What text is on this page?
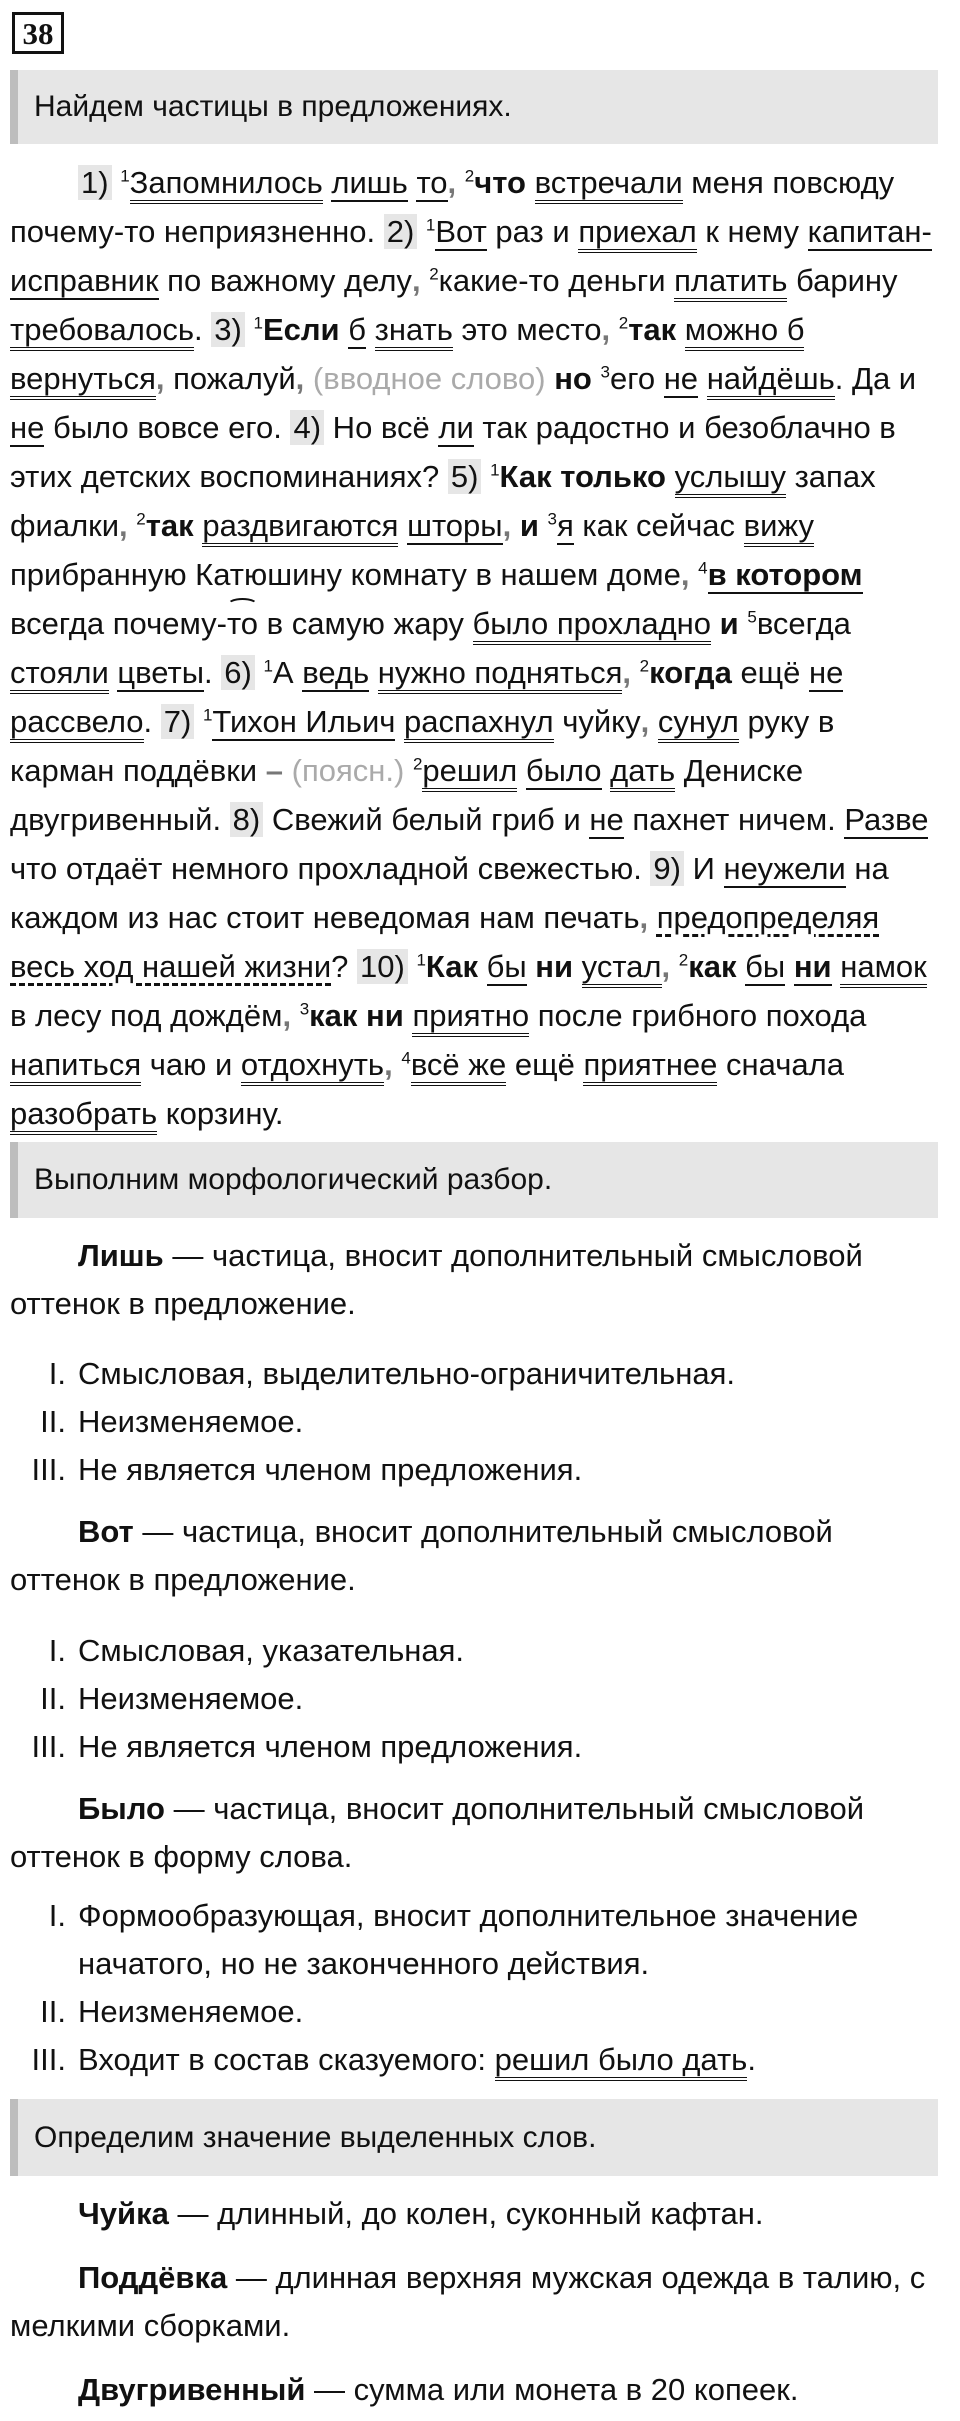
38
Найдем частицы в предложениях.
1) $^1$Запомнилось лишь то, $^2$что встречали меня повсюду почему-то неприязненно. 2) $^1$Вот раз и приехал к нему капитан-исправник по важному делу, $^2$какие-то деньги платить барину требовалось. 3) $^1$Если б знать это место, $^2$так можно б вернуться, пожалуй, (вводное слово) но $^3$его не найдёшь. Да и не было вовсе его. 4) Но всё ли так радостно и безоблачно в этих детских воспоминаниях? 5) $^1$Как только услышу запах фиалки, $^2$так раздвигаются шторы, и $^3$я как сейчас вижу прибранную Катюшину комнату в нашем доме, $^4$в котором всегда почему-то в самую жару было прохладно и $^5$всегда стояли цветы. 6) $^1$А ведь нужно подняться, $^2$когда ещё не рассвело. 7) $^1$Тихон Ильич распахнул чуйку, сунул руку в карман поддёвки – (поясн.) $^2$решил было дать Дениске двугривенный. 8) Свежий белый гриб и не пахнет ничем. Разве что отдаёт немного прохладной свежестью. 9) И неужели на каждом из нас стоит неведомая нам печать, предопределяя весь ход нашей жизни? 10) $^1$Как бы ни устал, $^2$как бы ни намок в лесу под дождём, $^3$как ни приятно после грибного похода напиться чаю и отдохнуть, $^4$всё же ещё приятнее сначала разобрать корзину.
Выполним морфологический разбор.
Лишь — частица, вносит дополнительный смысловой оттенок в предложение.
I. Смысловая, выделительно-ограничительная.
II. Неизменяемое.
III. Не является членом предложения.
Вот — частица, вносит дополнительный смысловой оттенок в предложение.
I. Смысловая, указательная.
II. Неизменяемое.
III. Не является членом предложения.
Было — частица, вносит дополнительный смысловой оттенок в форму слова.
I. Формообразующая, вносит дополнительное значение начатого, но не законченного действия.
II. Неизменяемое.
III. Входит в состав сказуемого: решил было дать.
Определим значение выделенных слов.
Чуйка — длинный, до колен, суконный кафтан.
Поддёвка — длинная верхняя мужская одежда в талию, с мелкими сборками.
Двугривенный — сумма или монета в 20 копеек.
